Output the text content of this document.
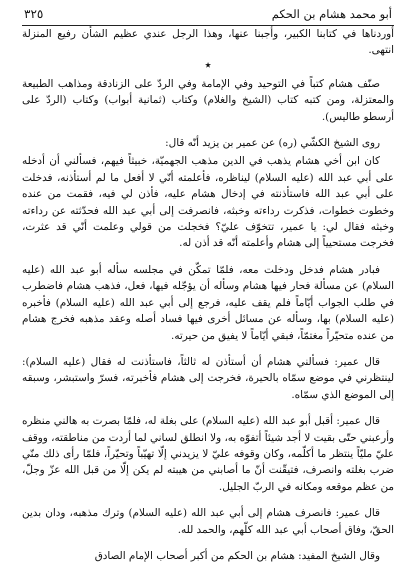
أبو محمد هشام بن الحكم
٣٢٥

أوردناها في كتابنا الكبير، وأجبنا عنها، وهذا الرجل عندي عظيم الشأن رفيع المنزلة انتهى.

٭

صنّف هشام كتباً في التوحيد وفي الإمامة وفي الردّ على الزنادقة ومذاهب الطبيعة والمعتزلة، ومن كتبه كتاب (الشيخ والغلام) وكتاب (ثمانية أبواب) وكتاب (الردّ على أرسطو طاليس).

روى الشيخ الكشّي (ره) عن عمير بن يزيد أنّه قال:

كان ابن أخي هشام يذهب في الدين مذهب الجهميّة، خبيثاً فيهم، فسألني أن أدخله على أبي عبد الله (عليه السلام) ليناظره، فأعلمته أنّي لا أفعل ما لم أستأذنه، فدخلت على أبي عبد الله فاستأذنته في إدخال هشام عليه، فأذن لي فيه، فقمت من عنده وخطوت خطوات، فذكرت رداءته وخبثه، فانصرفت إلى أبي عبد الله فحدّثته عن رداءته وخبثه فقال لي: يا عمير، تتخوّف عليّ؟ فخجلت من قولي وعلمت أنّي قد عثرت، فخرجت مستحيياً إلى هشام وأعلمته أنّه قد أذن له.

فبادر هشام فدخل ودخلت معه، فلمّا تمكّن في مجلسه سأله أبو عبد الله (عليه السلام) عن مسألة فحار فيها هشام وسأله أن يؤجّله فيها، فعل، فذهب هشام فاضطرب في طلب الجواب أيّاماً فلم يقف عليه، فرجع إلى أبي عبد الله (عليه السلام) فأخبره (عليه السلام) بها، وسأله عن مسائل أخرى فيها فساد أصله وعقد مذهبه فخرج هشام من عنده متحيّراً مغتمّاً، فبقي أيّاماً لا يفيق من حيرته.

قال عمير: فسألني هشام أن أستأذن له ثالثاً، فاستأذنت له فقال (عليه السلام): لينتظرني في موضع سمّاه بالحيرة، فخرجت إلى هشام فأخبرته، فسرّ واستبشر، وسبقه إلى الموضع الذي سمّاه.

قال عمير: أقبل أبو عبد الله (عليه السلام) على بغلة له، فلمّا بصرت به هالني منظره وأرعبني حتّى بقيت لا أجد شيئاً أتفوّه به، ولا انطلق لساني لما أردت من مناطقته، ووقف عليّ مليّاً ينتظر ما أكلّمه، وكان وقوفه عليّ لا يزيدني إلّا تهيّباً وتحيّراً، فلمّا رأى ذلك منّي ضرب بغلته وانصرف، فتيقّنت أنّ ما أصابني من هيبته لم يكن إلّا من قبل الله عزّ وجلّ، من عظم موقعه ومكانه في الربّ الجليل.

قال عمير: فانصرف هشام إلى أبي عبد الله (عليه السلام) وترك مذهبه، ودان بدين الحقّ، وفاق أصحاب أبي عبد الله كلّهم، والحمد لله.

وقال الشيخ المفيد: هشام بن الحكم من أكبر أصحاب الإمام الصادق
